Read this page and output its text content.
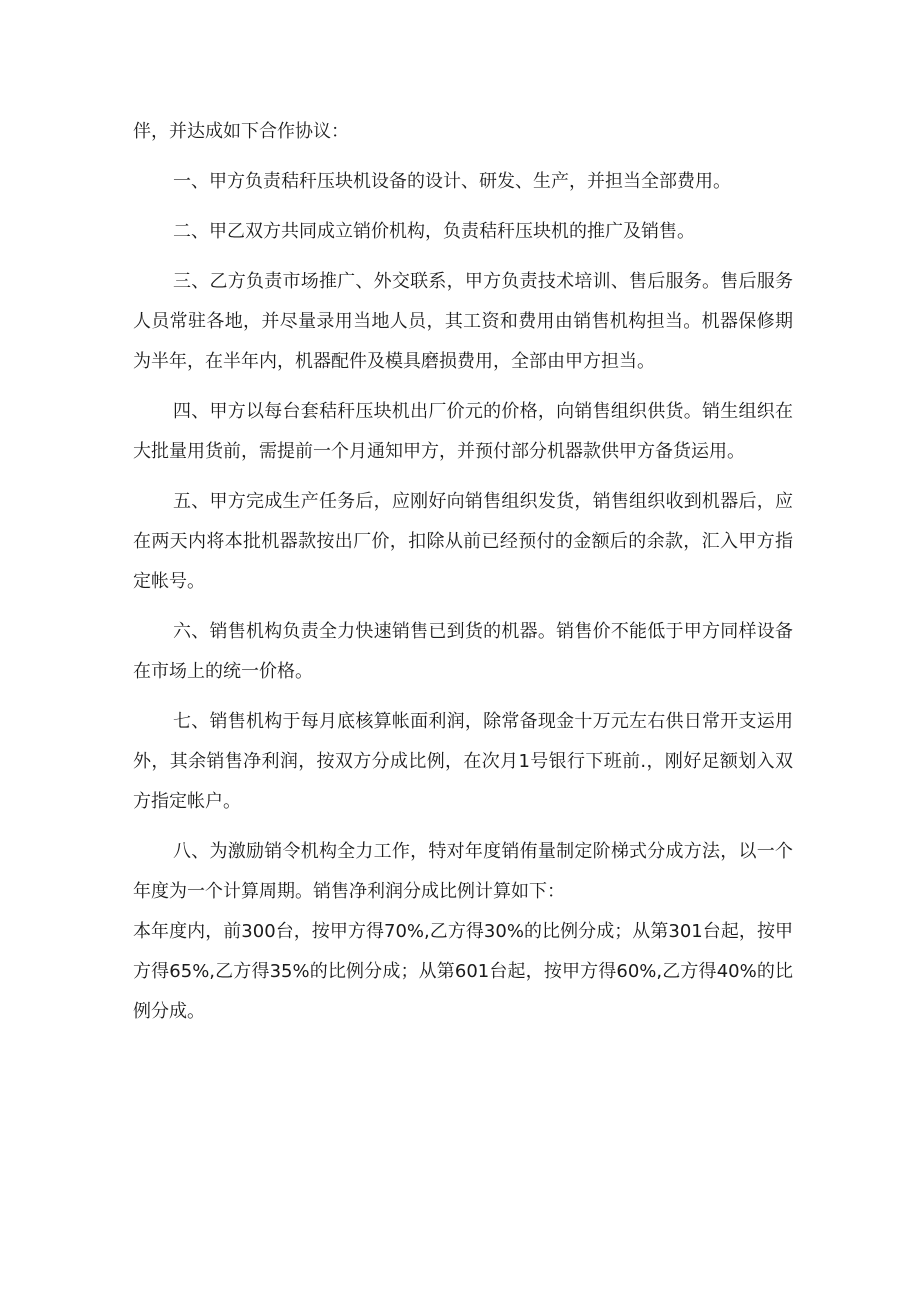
伴，并达成如下合作协议：

一、甲方负责秸秆压块机设备的设计、研发、生产，并担当全部费用。

二、甲乙双方共同成立销价机构，负责秸秆压块机的推广及销售。

三、乙方负责市场推广、外交联系，甲方负责技术培训、售后服务。售后服务人员常驻各地，并尽量录用当地人员，其工资和费用由销售机构担当。机器保修期为半年，在半年内，机器配件及模具磨损费用，全部由甲方担当。

四、甲方以每台套秸秆压块机出厂价元的价格，向销售组织供货。销生组织在大批量用货前，需提前一个月通知甲方，并预付部分机器款供甲方备货运用。

五、甲方完成生产任务后，应刚好向销售组织发货，销售组织收到机器后，应在两天内将本批机器款按出厂价，扣除从前已经预付的金额后的余款，汇入甲方指定帐号。

六、销售机构负责全力快速销售已到货的机器。销售价不能低于甲方同样设备在市场上的统一价格。

七、销售机构于每月底核算帐面利润，除常备现金十万元左右供日常开支运用外，其余销售净利润，按双方分成比例，在次月1号银行下班前.，刚好足额划入双方指定帐户。

八、为激励销令机构全力工作，特对年度销侑量制定阶梯式分成方法，以一个年度为一个计算周期。销售净利润分成比例计算如下：

本年度内，前300台，按甲方得70%,乙方得30%的比例分成；从第301台起，按甲方得65%,乙方得35%的比例分成；从第601台起，按甲方得60%,乙方得40%的比例分成。
